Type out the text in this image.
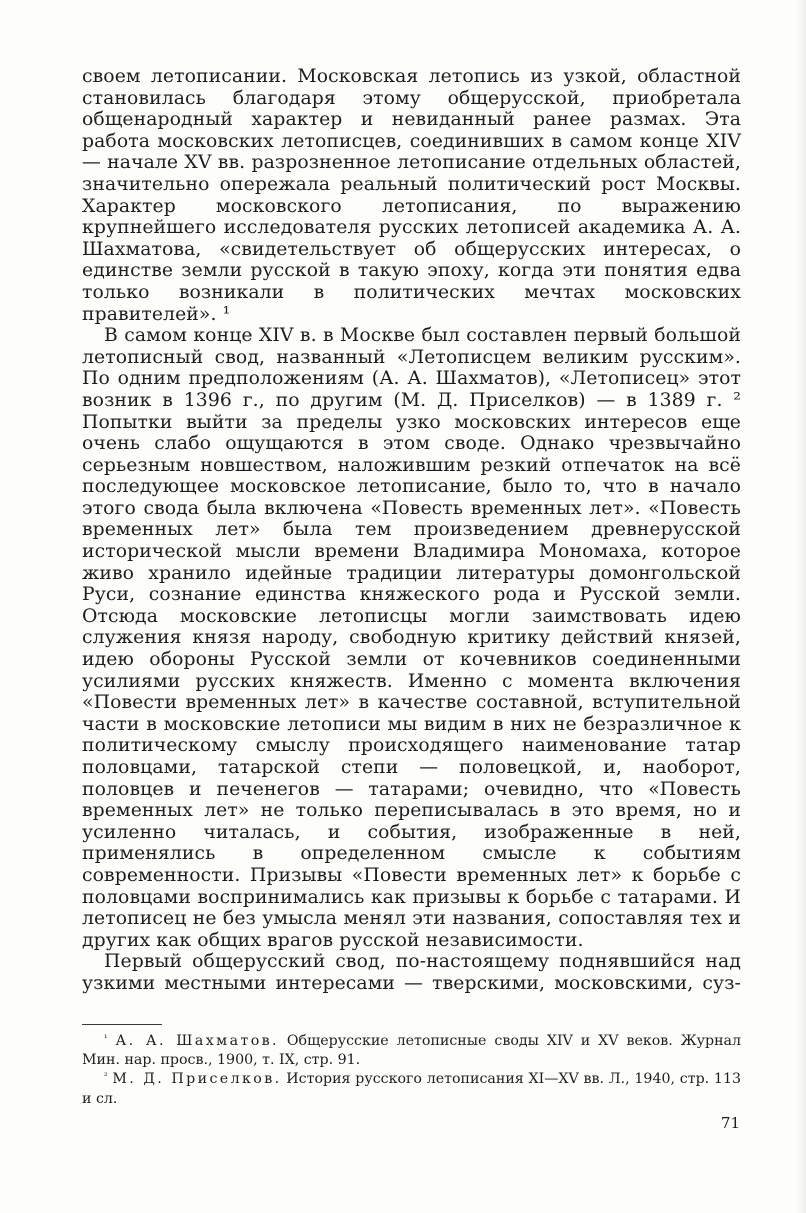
своем летописании. Московская летопись из узкой, областной становилась благодаря этому общерусской, приобретала общенародный характер и невиданный ранее размах. Эта работа московских летописцев, соединивших в самом конце XIV — начале XV вв. разрозненное летописание отдельных областей, значительно опережала реальный политический рост Москвы. Характер московского летописания, по выражению крупнейшего исследователя русских летописей академика А. А. Шахматова, «свидетельствует об общерусских интересах, о единстве земли русской в такую эпоху, когда эти понятия едва только возникали в политических мечтах московских правителей». ¹

В самом конце XIV в. в Москве был составлен первый большой летописный свод, названный «Летописцем великим русским». По одним предположениям (А. А. Шахматов), «Летописец» этот возник в 1396 г., по другим (М. Д. Приселков) — в 1389 г. ² Попытки выйти за пределы узко московских интересов еще очень слабо ощущаются в этом своде. Однако чрезвычайно серьезным новшеством, наложившим резкий отпечаток на всё последующее московское летописание, было то, что в начало этого свода была включена «Повесть временных лет». «Повесть временных лет» была тем произведением древнерусской исторической мысли времени Владимира Мономаха, которое живо хранило идейные традиции литературы домонгольской Руси, сознание единства княжеского рода и Русской земли. Отсюда московские летописцы могли заимствовать идею служения князя народу, свободную критику действий князей, идею обороны Русской земли от кочевников соединенными усилиями русских княжеств. Именно с момента включения «Повести временных лет» в качестве составной, вступительной части в московские летописи мы видим в них не безразличное к политическому смыслу происходящего наименование татар половцами, татарской степи — половецкой, и, наоборот, половцев и печенегов — татарами; очевидно, что «Повесть временных лет» не только переписывалась в это время, но и усиленно читалась, и события, изображенные в ней, применялись в определенном смысле к событиям современности. Призывы «Повести временных лет» к борьбе с половцами воспринимались как призывы к борьбе с татарами. И летописец не без умысла менял эти названия, сопоставляя тех и других как общих врагов русской независимости.

Первый общерусский свод, по-настоящему поднявшийся над узкими местными интересами — тверскими, московскими, суз-

$^{^1}$ А. А. Шахматов. Общерусские летописные своды XIV и XV веков. Журнал Мин. нар. просв., 1900, т. IX, стр. 91.

$^{^2}$ М. Д. Приселков. История русского летописания XI—XV вв. Л., 1940, стр. 113 и сл.

71
